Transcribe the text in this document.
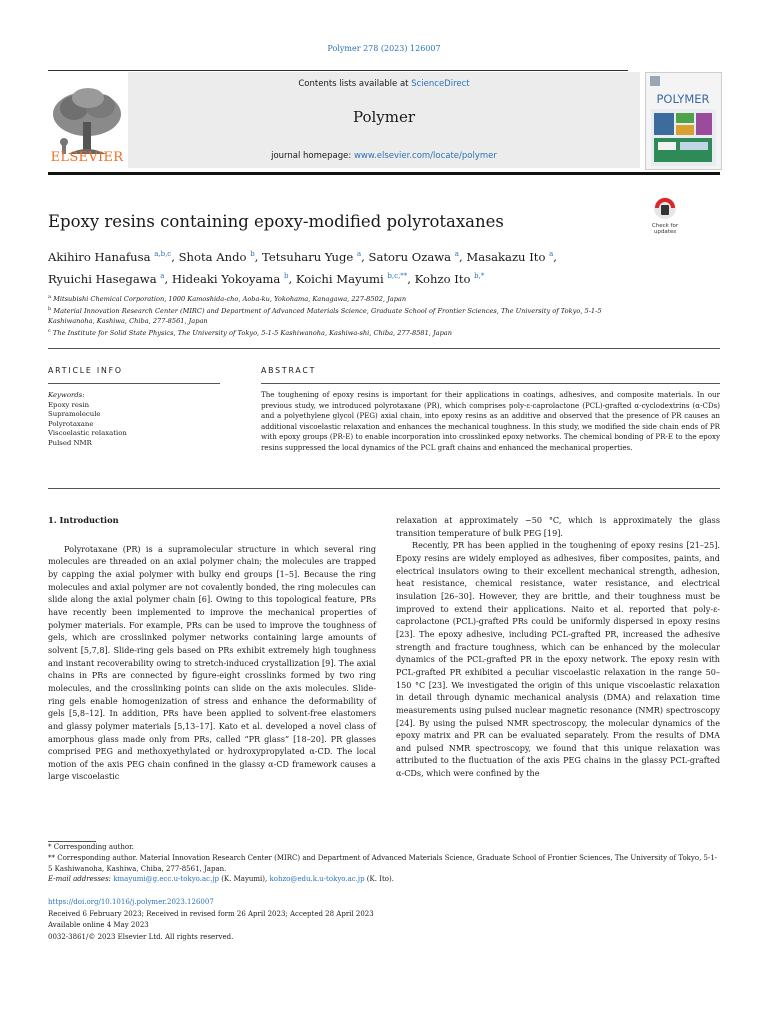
Polymer 278 (2023) 126007
ELSEVIER
Contents lists available at ScienceDirect
Polymer
journal homepage: www.elsevier.com/locate/polymer
POLYMER
Epoxy resins containing epoxy-modified polyrotaxanes	Check for
updates
Akihiro Hanafusa $^{a,b,c}$, Shota Ando $^b$, Tetsuharu Yuge $^a$, Satoru Ozawa $^a$, Masakazu Ito $^a$,
Ryuichi Hasegawa $^a$, Hideaki Yokoyama $^b$, Koichi Mayumi $^{b,c,**}$, Kohzo Ito $^{b,*}$
$^a$ Mitsubishi Chemical Corporation, 1000 Kamoshida-cho, Aoba-ku, Yokohama, Kanagawa, 227-8502, Japan
$^b$ Material Innovation Research Center (MIRC) and Department of Advanced Materials Science, Graduate School of Frontier Sciences, The University of Tokyo, 5-1-5 Kashiwanoha, Kashiwa, Chiba, 277-8561, Japan
$^c$ The Institute for Solid State Physics, The University of Tokyo, 5-1-5 Kashiwanoha, Kashiwa-shi, Chiba, 277-8581, Japan
ARTICLE INFO	ABSTRACT
Keywords:
Epoxy resin
Supramolecule
Polyrotaxane
Viscoelastic relaxation
Pulsed NMR
The toughening of epoxy resins is important for their applications in coatings, adhesives, and composite materials. In our previous study, we introduced polyrotaxane (PR), which comprises poly-ε-caprolactone (PCL)-grafted α-cyclodextrins (α-CDs) and a polyethylene glycol (PEG) axial chain, into epoxy resins as an additive and observed that the presence of PR causes an additional viscoelastic relaxation and enhances the mechanical toughness. In this study, we modified the side chain ends of PR with epoxy groups (PR-E) to enable incorporation into crosslinked epoxy networks. The chemical bonding of PR-E to the epoxy resins suppressed the local dynamics of the PCL graft chains and enhanced the mechanical properties.

1. Introduction

Polyrotaxane (PR) is a supramolecular structure in which several ring molecules are threaded on an axial polymer chain; the molecules are trapped by capping the axial polymer with bulky end groups [1–5]. Because the ring molecules and axial polymer are not covalently bonded, the ring molecules can slide along the axial polymer chain [6]. Owing to this topological feature, PRs have recently been implemented to improve the mechanical properties of polymer materials. For example, PRs can be used to improve the toughness of gels, which are crosslinked polymer networks containing large amounts of solvent [5,7,8]. Slide-ring gels based on PRs exhibit extremely high toughness and instant recoverability owing to stretch-induced crystallization [9]. The axial chains in PRs are connected by figure-eight crosslinks formed by two ring molecules, and the crosslinking points can slide on the axis molecules. Slide-ring gels enable homogenization of stress and enhance the deformability of gels [5,8–12]. In addition, PRs have been applied to solvent-free elastomers and glassy polymer materials [5,13–17]. Kato et al. developed a novel class of amorphous glass made only from PRs, called “PR glass” [18–20]. PR glasses comprised PEG and methoxyethylated or hydroxypropylated α-CD. The local motion of the axis PEG chain confined in the glassy α-CD framework causes a large viscoelastic

relaxation at approximately −50 °C, which is approximately the glass transition temperature of bulk PEG [19].

Recently, PR has been applied in the toughening of epoxy resins [21–25]. Epoxy resins are widely employed as adhesives, fiber composites, paints, and electrical insulators owing to their excellent mechanical strength, adhesion, heat resistance, chemical resistance, water resistance, and electrical insulation [26–30]. However, they are brittle, and their toughness must be improved to extend their applications. Naito et al. reported that poly-ε-caprolactone (PCL)-grafted PRs could be uniformly dispersed in epoxy resins [23]. The epoxy adhesive, including PCL-grafted PR, increased the adhesive strength and fracture toughness, which can be enhanced by the molecular dynamics of the PCL-grafted PR in the epoxy network. The epoxy resin with PCL-grafted PR exhibited a peculiar viscoelastic relaxation in the range 50–150 °C [23]. We investigated the origin of this unique viscoelastic relaxation in detail through dynamic mechanical analysis (DMA) and relaxation time measurements using pulsed nuclear magnetic resonance (NMR) spectroscopy [24]. By using the pulsed NMR spectroscopy, the molecular dynamics of the epoxy matrix and PR can be evaluated separately. From the results of DMA and pulsed NMR spectroscopy, we found that this unique relaxation was attributed to the fluctuation of the axis PEG chains in the glassy PCL-grafted α-CDs, which were confined by the

* Corresponding author.

** Corresponding author. Material Innovation Research Center (MIRC) and Department of Advanced Materials Science, Graduate School of Frontier Sciences, The University of Tokyo, 5-1-5 Kashiwanoha, Kashiwa, Chiba, 277-8561, Japan.

E-mail addresses: kmayumi@g.ecc.u-tokyo.ac.jp (K. Mayumi), kohzo@edu.k.u-tokyo.ac.jp (K. Ito).

https://doi.org/10.1016/j.polymer.2023.126007

Received 6 February 2023; Received in revised form 26 April 2023; Accepted 28 April 2023

Available online 4 May 2023

0032-3861/© 2023 Elsevier Ltd. All rights reserved.
